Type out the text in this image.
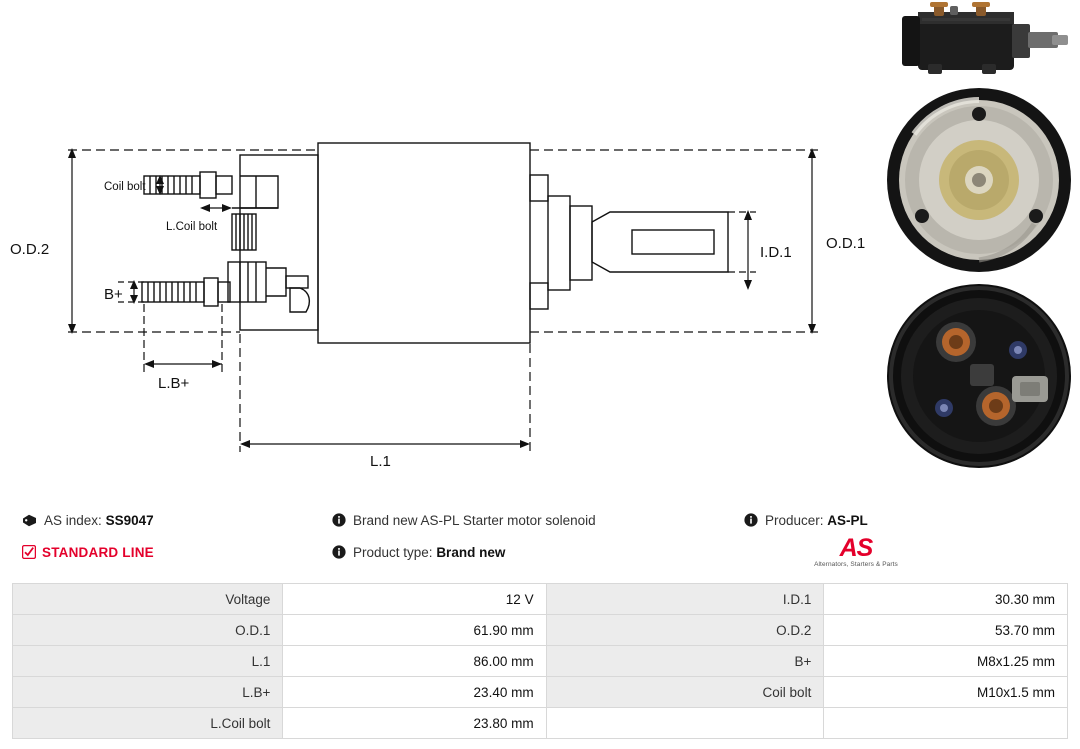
O.D.2	O.D.1
I.D.1
L.1
L.B+
B+
Coil bolt
L.Coil bolt
AS index: SS9047	Brand new AS-PL Starter motor solenoid	Producer: AS-PL
STANDARD LINE	Product type: Brand new	AS
Alternators, Starters & Parts
Voltage	12 V	I.D.1	30.30 mm
O.D.1	61.90 mm	O.D.2	53.70 mm
L.1	86.00 mm	B+	M8x1.25 mm
L.B+	23.40 mm	Coil bolt	M10x1.5 mm
L.Coil bolt	23.80 mm		
